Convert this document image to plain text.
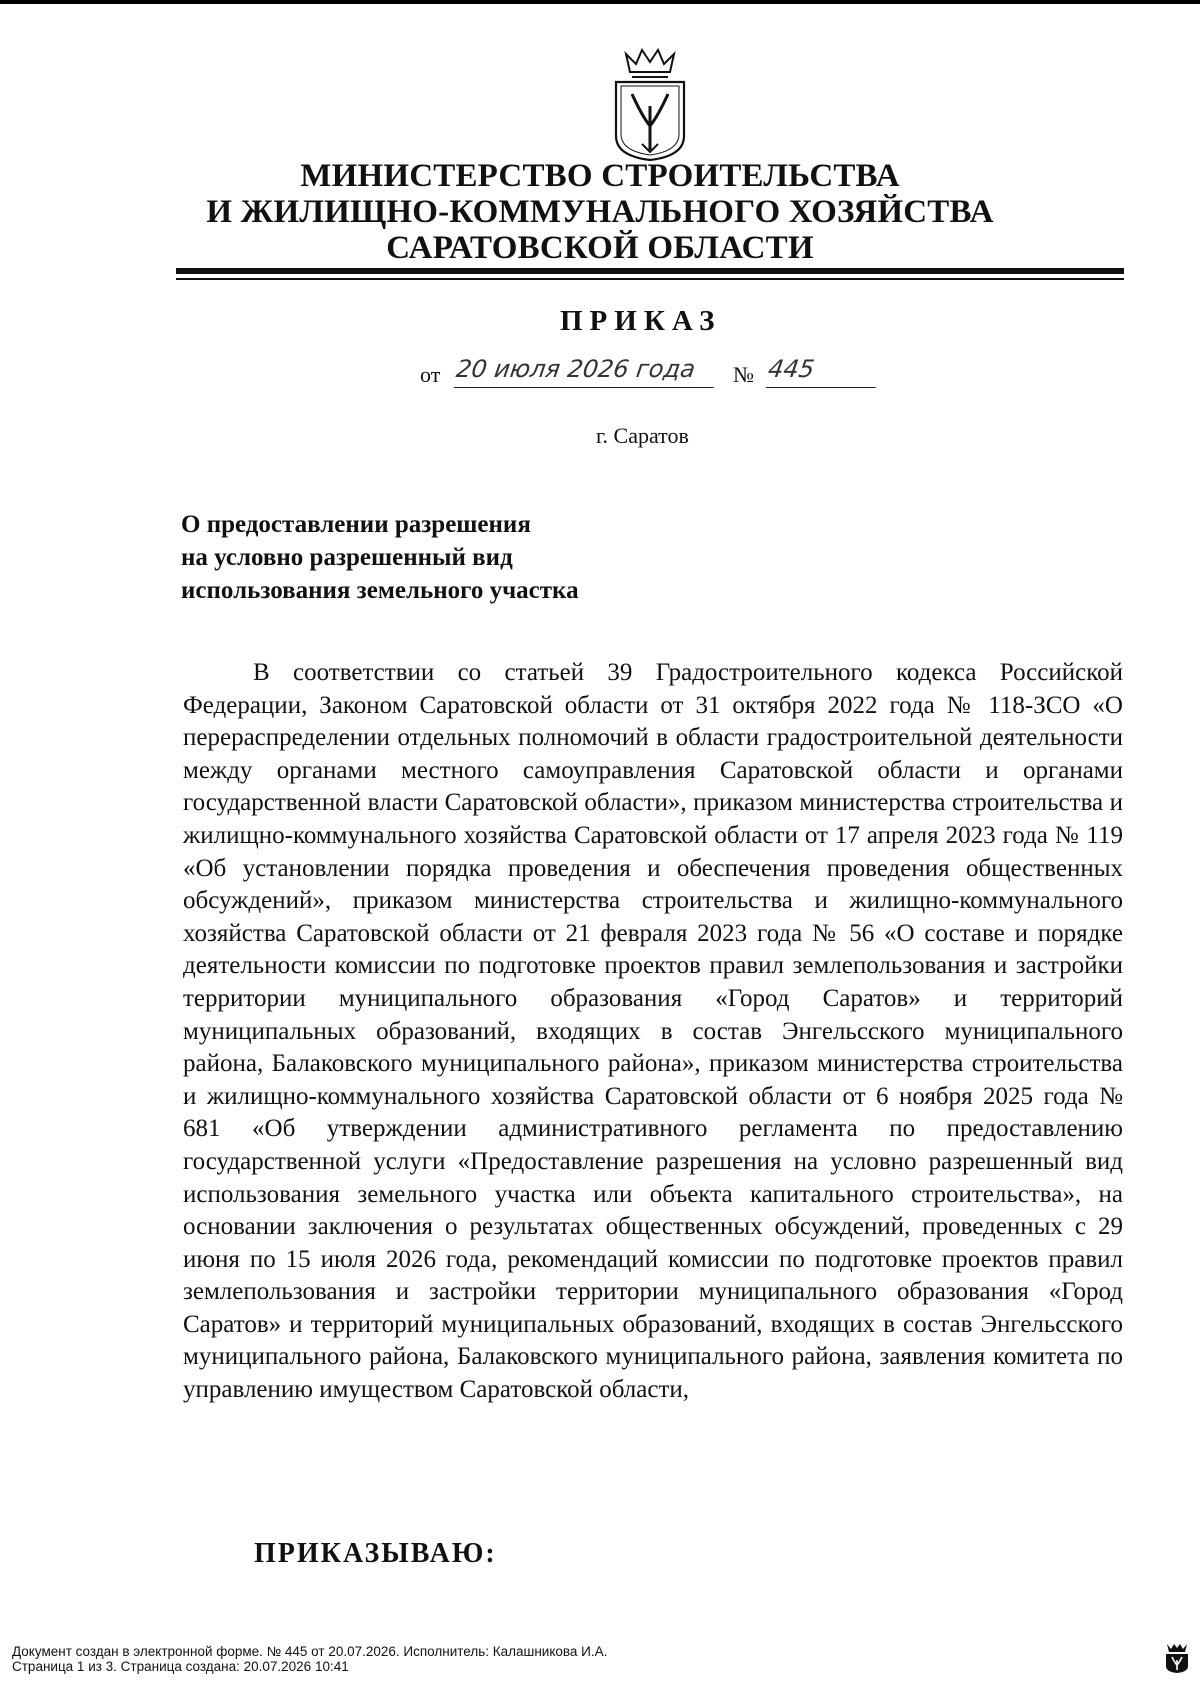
МИНИСТЕРСТВО СТРОИТЕЛЬСТВА
И ЖИЛИЩНО-КОММУНАЛЬНОГО ХОЗЯЙСТВА
САРАТОВСКОЙ ОБЛАСТИ
ПРИКАЗ
от 20 июля 2026 года	№ 445
г. Саратов
О предоставлении разрешения
на условно разрешенный вид
использования земельного участка
В соответствии со статьей 39 Градостроительного кодекса Российской Федерации, Законом Саратовской области от 31 октября 2022 года № 118-ЗСО «О перераспределении отдельных полномочий в области градостроительной деятельности между органами местного самоуправления Саратовской области и органами государственной власти Саратовской области», приказом министерства строительства и жилищно-коммунального хозяйства Саратовской области от 17 апреля 2023 года № 119 «Об установлении порядка проведения и обеспечения проведения общественных обсуждений», приказом министерства строительства и жилищно-коммунального хозяйства Саратовской области от 21 февраля 2023 года № 56 «О составе и порядке деятельности комиссии по подготовке проектов правил землепользования и застройки территории муниципального образования «Город Саратов» и территорий муниципальных образований, входящих в состав Энгельсского муниципального района, Балаковского муниципального района», приказом министерства строительства и жилищно-коммунального хозяйства Саратовской области от 6 ноября 2025 года № 681 «Об утверждении административного регламента по предоставлению государственной услуги «Предоставление разрешения на условно разрешенный вид использования земельного участка или объекта капитального строительства», на основании заключения о результатах общественных обсуждений, проведенных с 29 июня по 15 июля 2026 года, рекомендаций комиссии по подготовке проектов правил землепользования и застройки территории муниципального образования «Город Саратов» и территорий муниципальных образований, входящих в состав Энгельсского муниципального района, Балаковского муниципального района, заявления комитета по управлению имуществом Саратовской области,
ПРИКАЗЫВАЮ:
Документ создан в электронной форме. № 445 от 20.07.2026. Исполнитель: Калашникова И.А.
Страница 1 из 3. Страница создана: 20.07.2026 10:41
